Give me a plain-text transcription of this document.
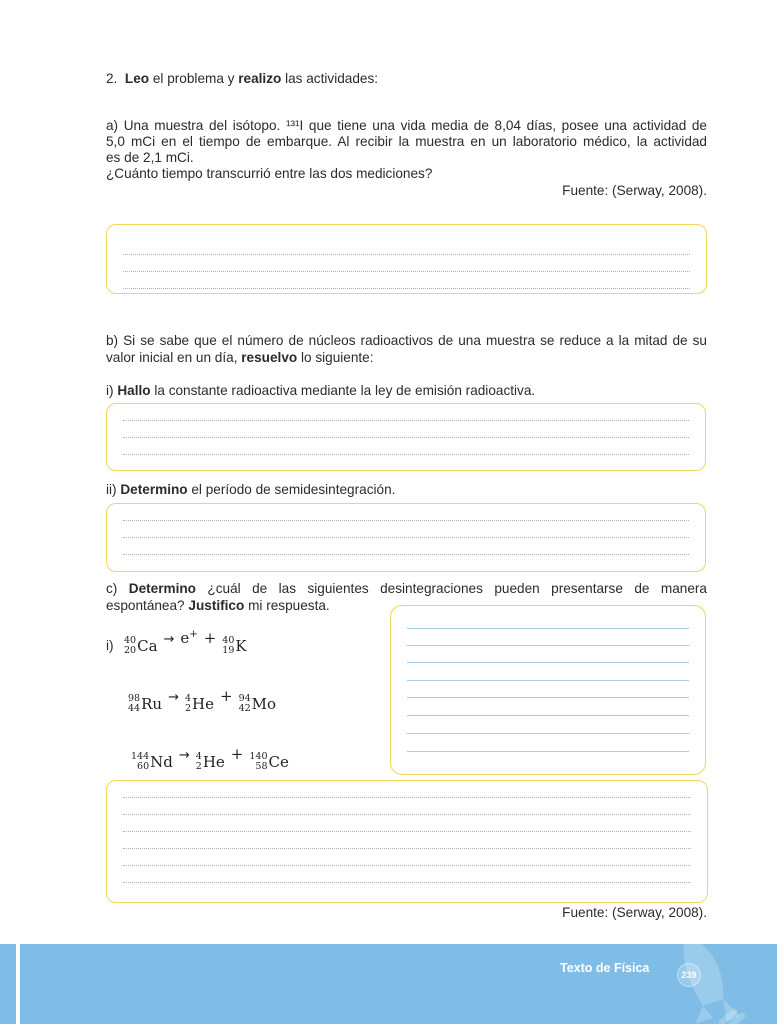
2. Leo el problema y realizo las actividades:
a) Una muestra del isótopo. ¹³¹I que tiene una vida media de 8,04 días, posee una actividad de
5,0 mCi en el tiempo de embarque. Al recibir la muestra en un laboratorio médico, la actividad
es de 2,1 mCi.
¿Cuánto tiempo transcurrió entre las dos mediciones?
Fuente: (Serway, 2008).
b) Si se sabe que el número de núcleos radioactivos de una muestra se reduce a la mitad de su
valor inicial en un día, resuelvo lo siguiente:
i) Hallo la constante radioactiva mediante la ley de emisión radioactiva.
ii) Determino el período de semidesintegración.
c) Determino ¿cuál de las siguientes desintegraciones pueden presentarse de manera
espontánea? Justifico mi respuesta.
i) 40
20 Ca → e+ + 40
19 K
98
44 Ru → 4
2 He + 94
42 Mo
144
60 Nd → 4
2 He + 140
58 Ce
Fuente: (Serway, 2008).
Texto de Física	239
